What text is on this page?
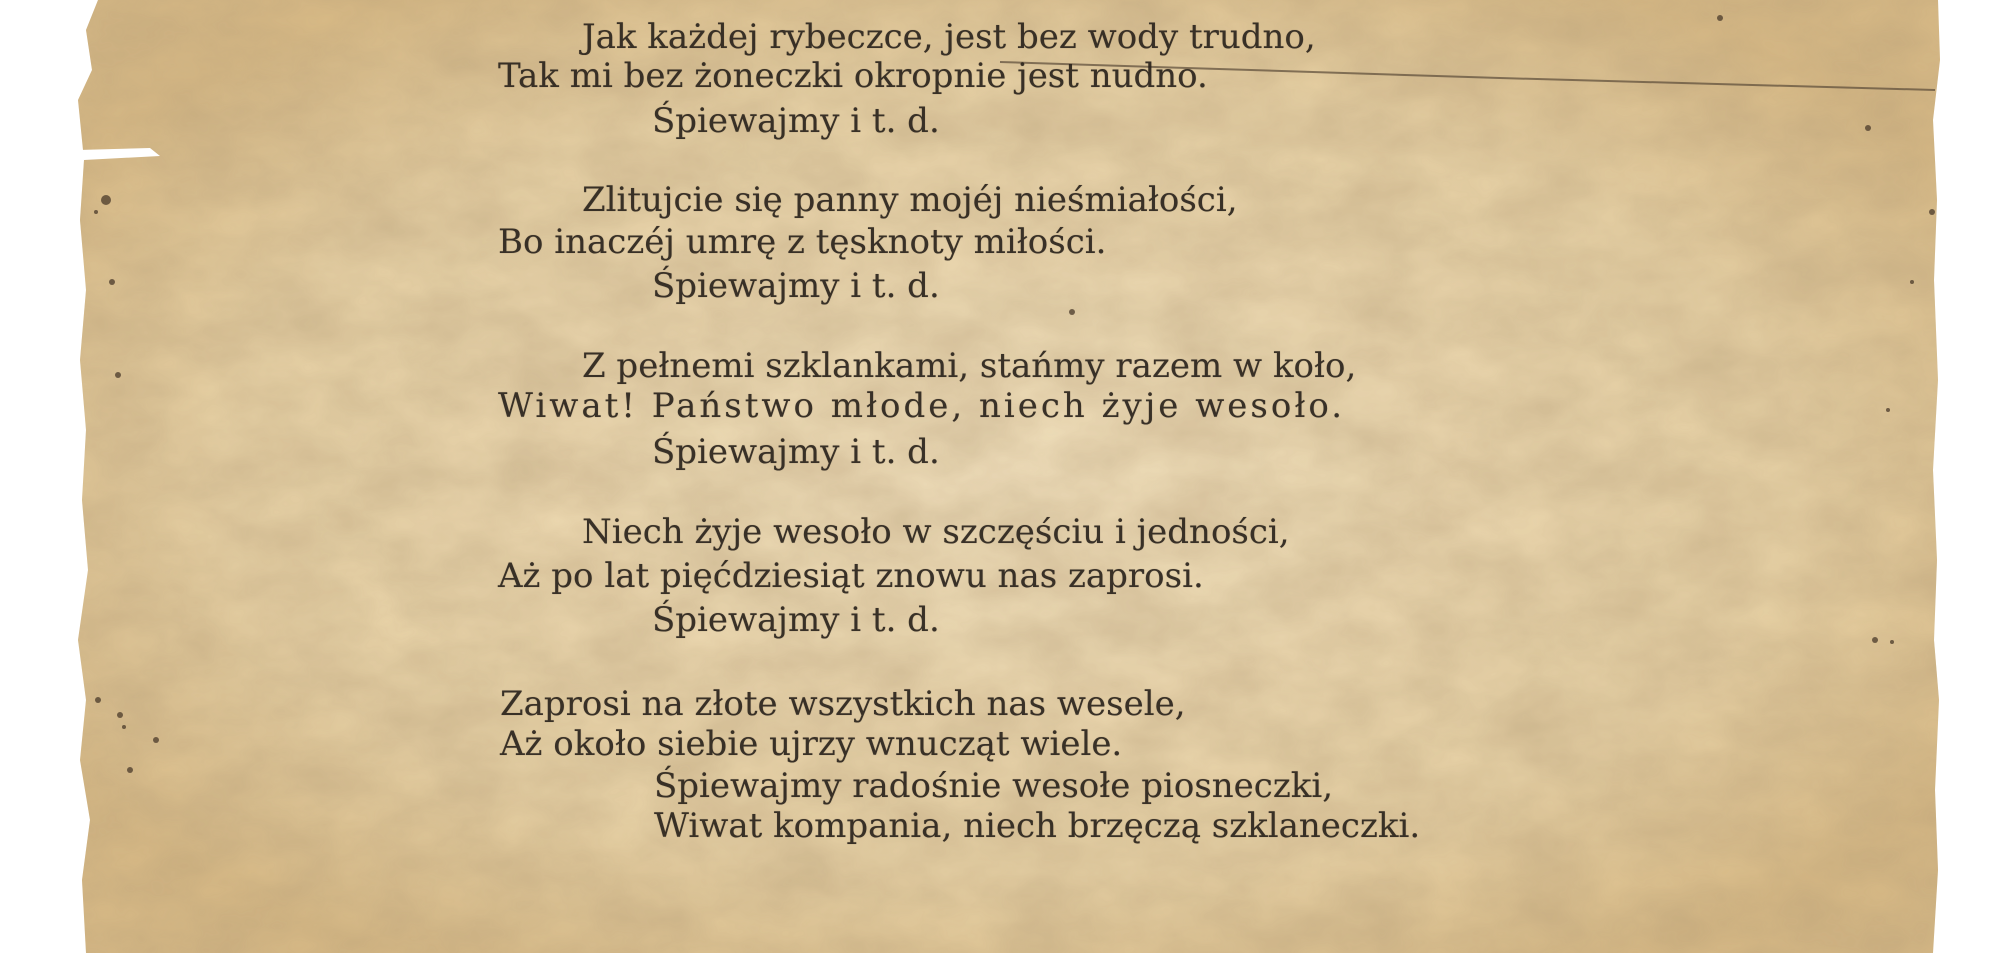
Jak każdej rybeczce, jest bez wody trudno,
Tak mi bez żoneczki okropnie jest nudno.
Śpiewajmy i t. d.
Zlitujcie się panny mojéj nieśmiałości,
Bo inaczéj umrę z tęsknoty miłości.
Śpiewajmy i t. d.
Z pełnemi szklankami, stańmy razem w koło,
Wiwat! Państwo młode, niech żyje wesoło.
Śpiewajmy i t. d.
Niech żyje wesoło w szczęściu i jedności,
Aż po lat pięćdziesiąt znowu nas zaprosi.
Śpiewajmy i t. d.
Zaprosi na złote wszystkich nas wesele,
Aż około siebie ujrzy wnucząt wiele.
Śpiewajmy radośnie wesołe piosneczki,
Wiwat kompania, niech brzęczą szklaneczki.
